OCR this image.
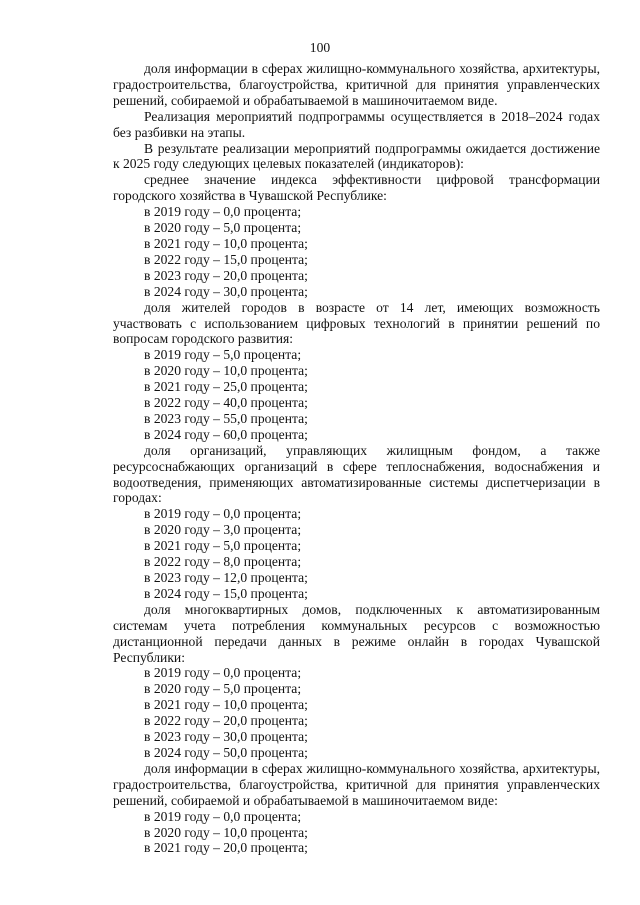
100

доля информации в сферах жилищно-коммунального хозяйства, архитектуры, градостроительства, благоустройства, критичной для принятия управленческих решений, собираемой и обрабатываемой в машиночитаемом виде.

Реализация мероприятий подпрограммы осуществляется в 2018–2024 годах без разбивки на этапы.

В результате реализации мероприятий подпрограммы ожидается достижение к 2025 году следующих целевых показателей (индикаторов):

среднее значение индекса эффективности цифровой трансформации городского хозяйства в Чувашской Республике:

в 2019 году – 0,0 процента;

в 2020 году – 5,0 процента;

в 2021 году – 10,0 процента;

в 2022 году – 15,0 процента;

в 2023 году – 20,0 процента;

в 2024 году – 30,0 процента;

доля жителей городов в возрасте от 14 лет, имеющих возможность участвовать с использованием цифровых технологий в принятии решений по вопросам городского развития:

в 2019 году – 5,0 процента;

в 2020 году – 10,0 процента;

в 2021 году – 25,0 процента;

в 2022 году – 40,0 процента;

в 2023 году – 55,0 процента;

в 2024 году – 60,0 процента;

доля организаций, управляющих жилищным фондом, а также ресурсоснабжающих организаций в сфере теплоснабжения, водоснабжения и водоотведения, применяющих автоматизированные системы диспетчеризации в городах:

в 2019 году – 0,0 процента;

в 2020 году – 3,0 процента;

в 2021 году – 5,0 процента;

в 2022 году – 8,0 процента;

в 2023 году – 12,0 процента;

в 2024 году – 15,0 процента;

доля многоквартирных домов, подключенных к автоматизированным системам учета потребления коммунальных ресурсов с возможностью дистанционной передачи данных в режиме онлайн в городах Чувашской Республики:

в 2019 году – 0,0 процента;

в 2020 году – 5,0 процента;

в 2021 году – 10,0 процента;

в 2022 году – 20,0 процента;

в 2023 году – 30,0 процента;

в 2024 году – 50,0 процента;

доля информации в сферах жилищно-коммунального хозяйства, архитектуры, градостроительства, благоустройства, критичной для принятия управленческих решений, собираемой и обрабатываемой в машиночитаемом виде:

в 2019 году – 0,0 процента;

в 2020 году – 10,0 процента;

в 2021 году – 20,0 процента;
